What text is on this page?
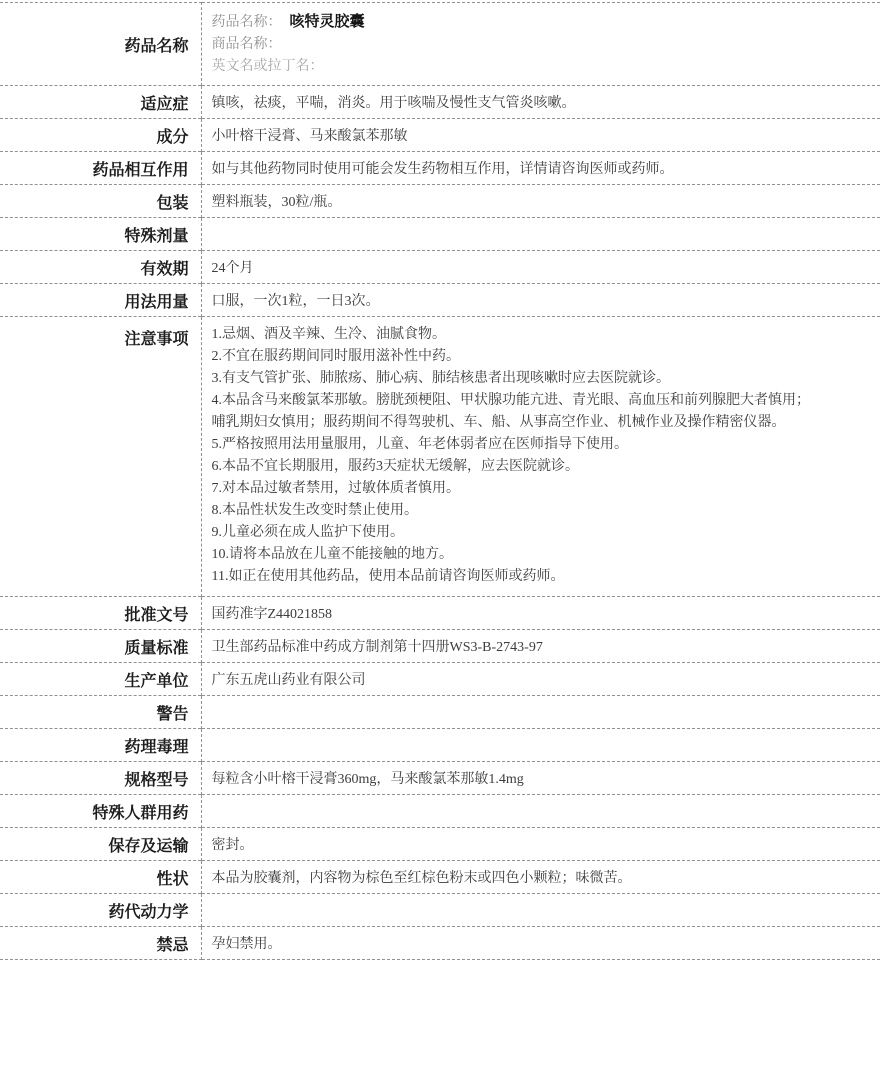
药品名称	药品名称： 咳特灵胶囊
商品名称：
英文名或拉丁名：

适应症	镇咳，祛痰，平喘，消炎。用于咳喘及慢性支气管炎咳嗽。
成分	小叶榕干浸膏、马来酸氯苯那敏
药品相互作用	如与其他药物同时使用可能会发生药物相互作用，详情请咨询医师或药师。
包装	塑料瓶装，30粒/瓶。
特殊剂量	
有效期	24个月
用法用量	口服，一次1粒，一日3次。
注意事项	1.忌烟、酒及辛辣、生冷、油腻食物。
2.不宜在服药期间同时服用滋补性中药。
3.有支气管扩张、肺脓疡、肺心病、肺结核患者出现咳嗽时应去医院就诊。
4.本品含马来酸氯苯那敏。膀胱颈梗阻、甲状腺功能亢进、青光眼、高血压和前列腺肥大者慎用；哺乳期妇女慎用；服药期间不得驾驶机、车、船、从事高空作业、机械作业及操作精密仪器。
5.严格按照用法用量服用，儿童、年老体弱者应在医师指导下使用。
6.本品不宜长期服用，服药3天症状无缓解，应去医院就诊。
7.对本品过敏者禁用，过敏体质者慎用。
8.本品性状发生改变时禁止使用。
9.儿童必须在成人监护下使用。
10.请将本品放在儿童不能接触的地方。
11.如正在使用其他药品，使用本品前请咨询医师或药师。

批准文号	国药准字Z44021858
质量标准	卫生部药品标准中药成方制剂第十四册WS3-B-2743-97
生产单位	广东五虎山药业有限公司
警告	
药理毒理	
规格型号	每粒含小叶榕干浸膏360mg，马来酸氯苯那敏1.4mg
特殊人群用药	
保存及运输	密封。
性状	本品为胶囊剂，内容物为棕色至红棕色粉末或四色小颗粒；味微苦。
药代动力学	
禁忌	孕妇禁用。
